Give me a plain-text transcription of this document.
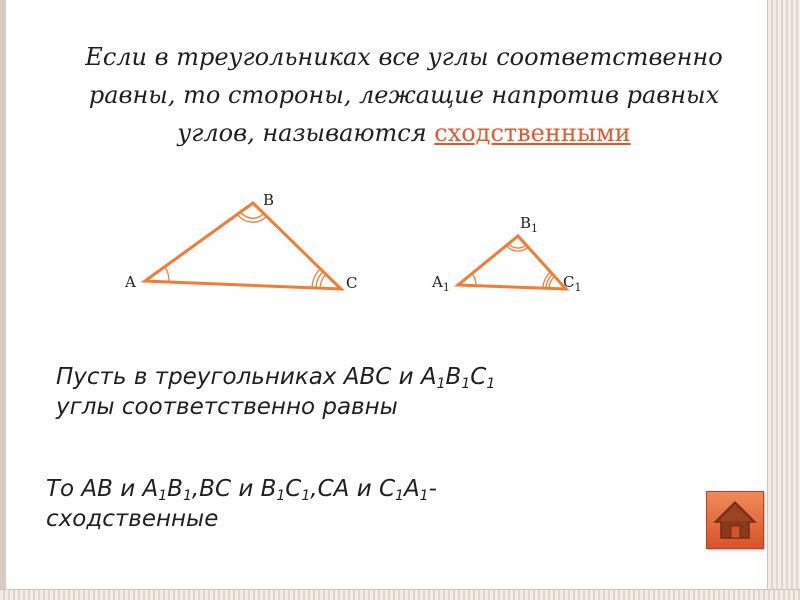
Если в треугольниках все углы соответственно равны, то стороны, лежащие напротив равных углов, называются сходственными
A
B
C	$A_1$
$B_1$
$C_1$
Пусть в треугольниках ABC и $A_1B_1C_1$
углы соответственно равны
То AB и $A_1B_1,BC$ и $B_1C_1,CA$ и $C_1A_1-$
сходственные
